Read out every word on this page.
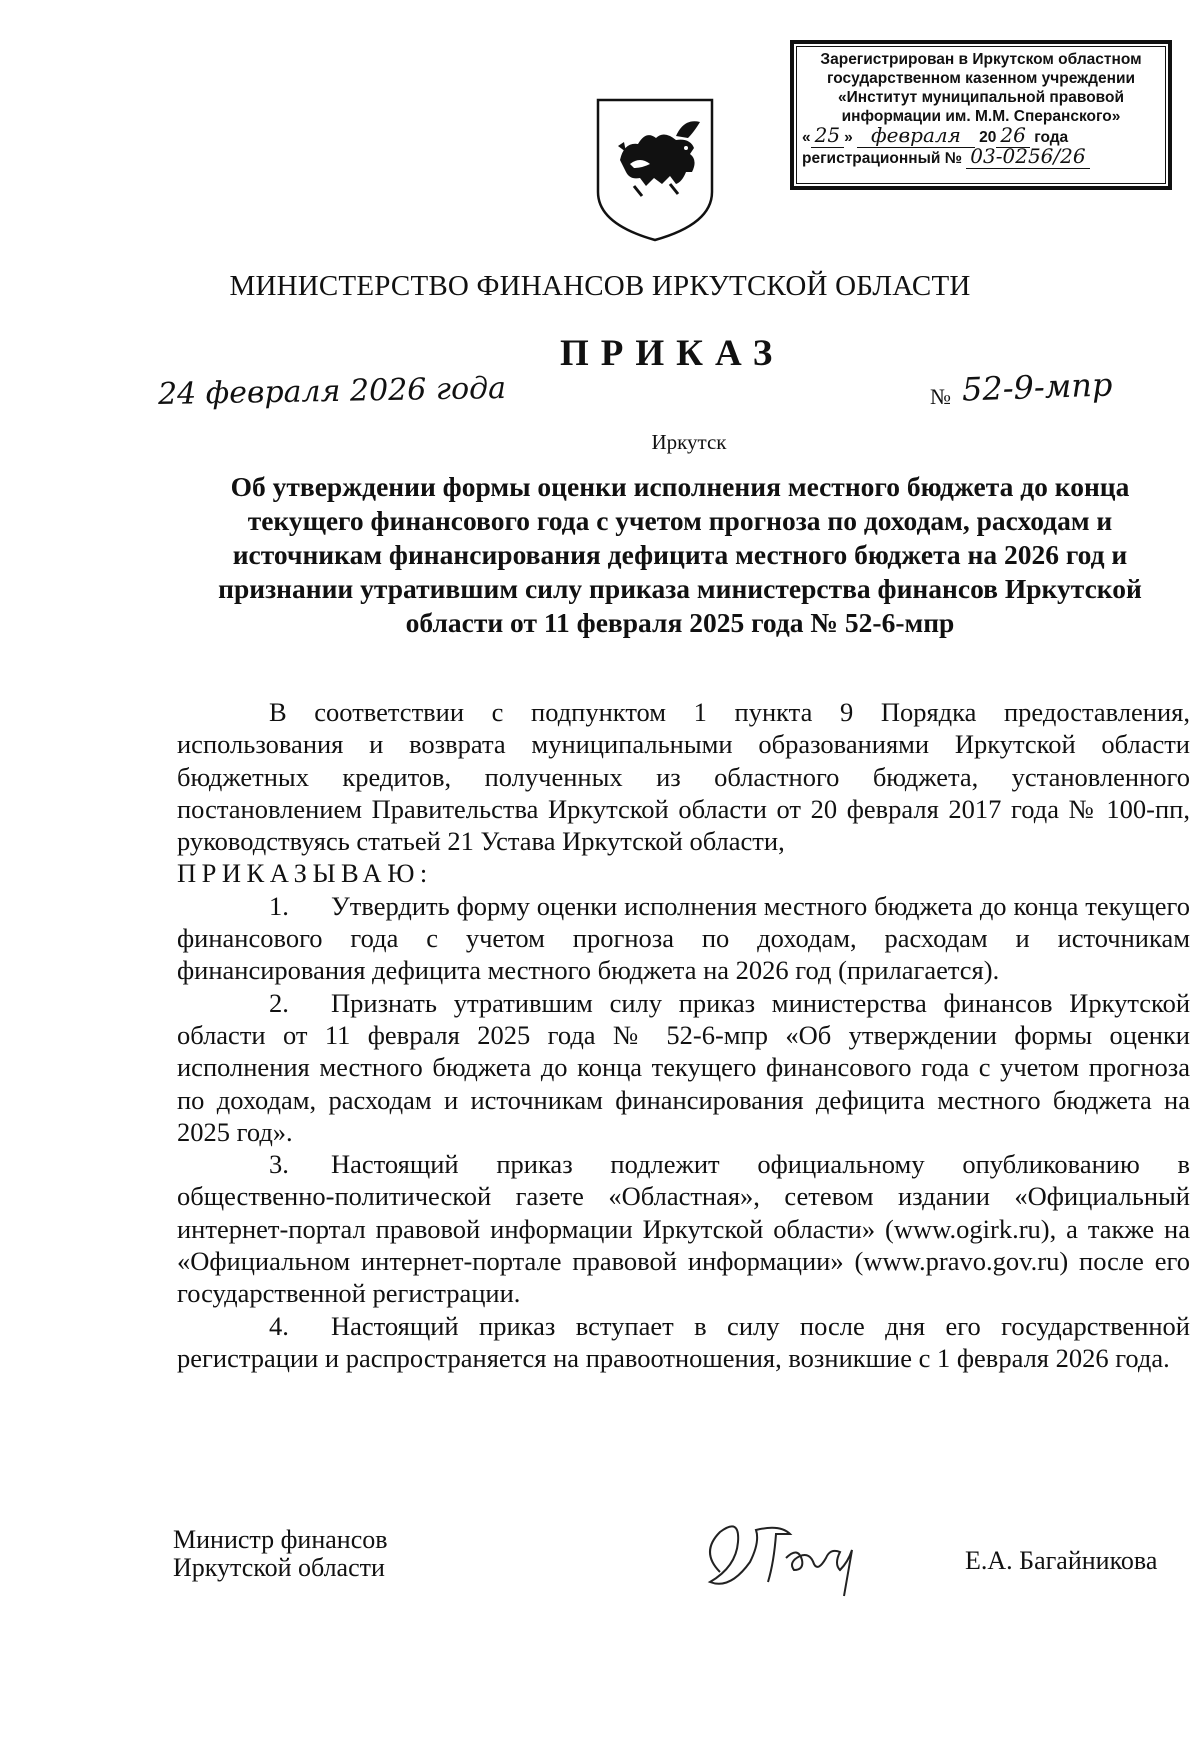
Зарегистрирован в Иркутском областном
государственном казенном учреждении
«Институт муниципальной правовой
информации им. М.М. Сперанского»
« 25 » февраля 20 26 года
регистрационный № 03-0256/26
МИНИСТЕРСТВО ФИНАНСОВ ИРКУТСКОЙ ОБЛАСТИ
ПРИКАЗ
24 февраля 2026 года	№ 52-9-мпр
Иркутск
Об утверждении формы оценки исполнения местного бюджета до конца текущего финансового года с учетом прогноза по доходам, расходам и источникам финансирования дефицита местного бюджета на 2026 год и признании утратившим силу приказа министерства финансов Иркутской области от 11 февраля 2025 года № 52-6-мпр

В соответствии с подпунктом 1 пункта 9 Порядка предоставления, использования и возврата муниципальными образованиями Иркутской области бюджетных кредитов, полученных из областного бюджета, установленного постановлением Правительства Иркутской области от 20 февраля 2017 года № 100-пп, руководствуясь статьей 21 Устава Иркутской области,

ПРИКАЗЫВАЮ:

1. Утвердить форму оценки исполнения местного бюджета до конца текущего финансового года с учетом прогноза по доходам, расходам и источникам финансирования дефицита местного бюджета на 2026 год (прилагается).

2. Признать утратившим силу приказ министерства финансов Иркутской области от 11 февраля 2025 года № 52-6-мпр «Об утверждении формы оценки исполнения местного бюджета до конца текущего финансового года с учетом прогноза по доходам, расходам и источникам финансирования дефицита местного бюджета на 2025 год».

3. Настоящий приказ подлежит официальному опубликованию в общественно-политической газете «Областная», сетевом издании «Официальный интернет-портал правовой информации Иркутской области» (www.ogirk.ru), а также на «Официальном интернет-портале правовой информации» (www.pravo.gov.ru) после его государственной регистрации.

4. Настоящий приказ вступает в силу после дня его государственной регистрации и распространяется на правоотношения, возникшие с 1 февраля 2026 года.

Министр финансов
Иркутской области	Е.А. Багайникова
